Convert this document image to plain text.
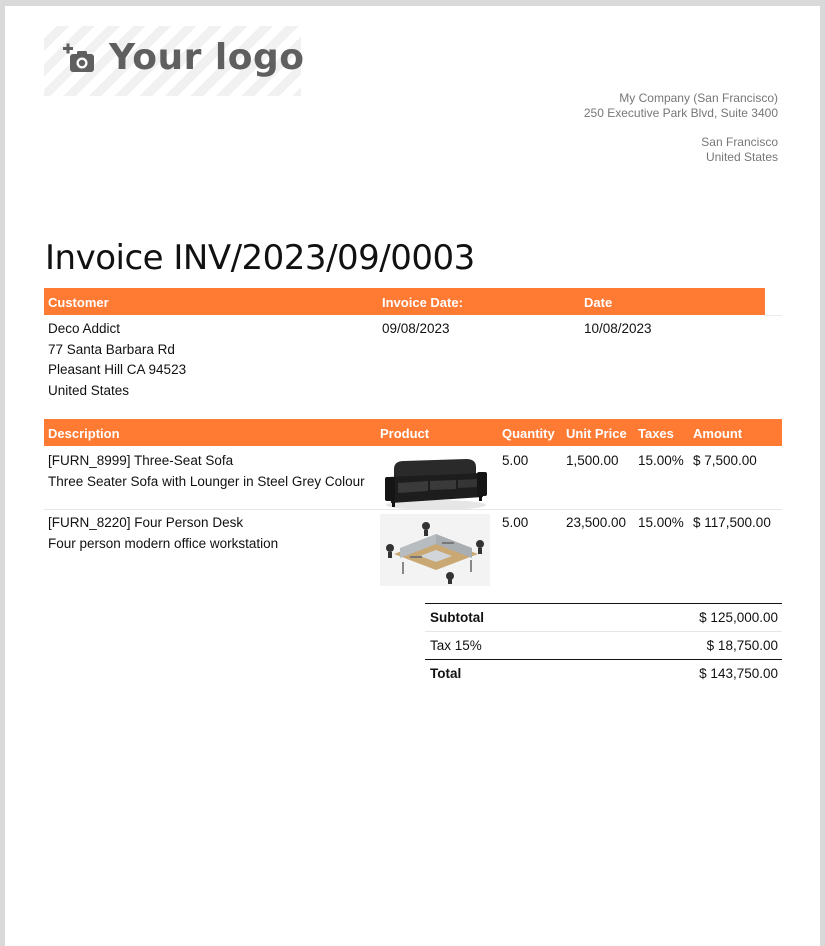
Your logo
My Company (San Francisco)
250 Executive Park Blvd, Suite 3400
San Francisco
United States
Invoice INV/2023/09/0003
Customer	Invoice Date:	Date
Deco Addict
77 Santa Barbara Rd
Pleasant Hill CA 94523
United States
09/08/2023	10/08/2023
Description	Product	Quantity Unit Price Taxes Amount
[FURN_8999] Three-Seat Sofa
Three Seater Sofa with Lounger in Steel Grey Colour
5.00	1,500.00 15.00% $ 7,500.00
[FURN_8220] Four Person Desk
Four person modern office workstation
5.00	23,500.00 15.00% $ 117,500.00
Subtotal	$ 125,000.00
Tax 15%	$ 18,750.00
Total	$ 143,750.00
